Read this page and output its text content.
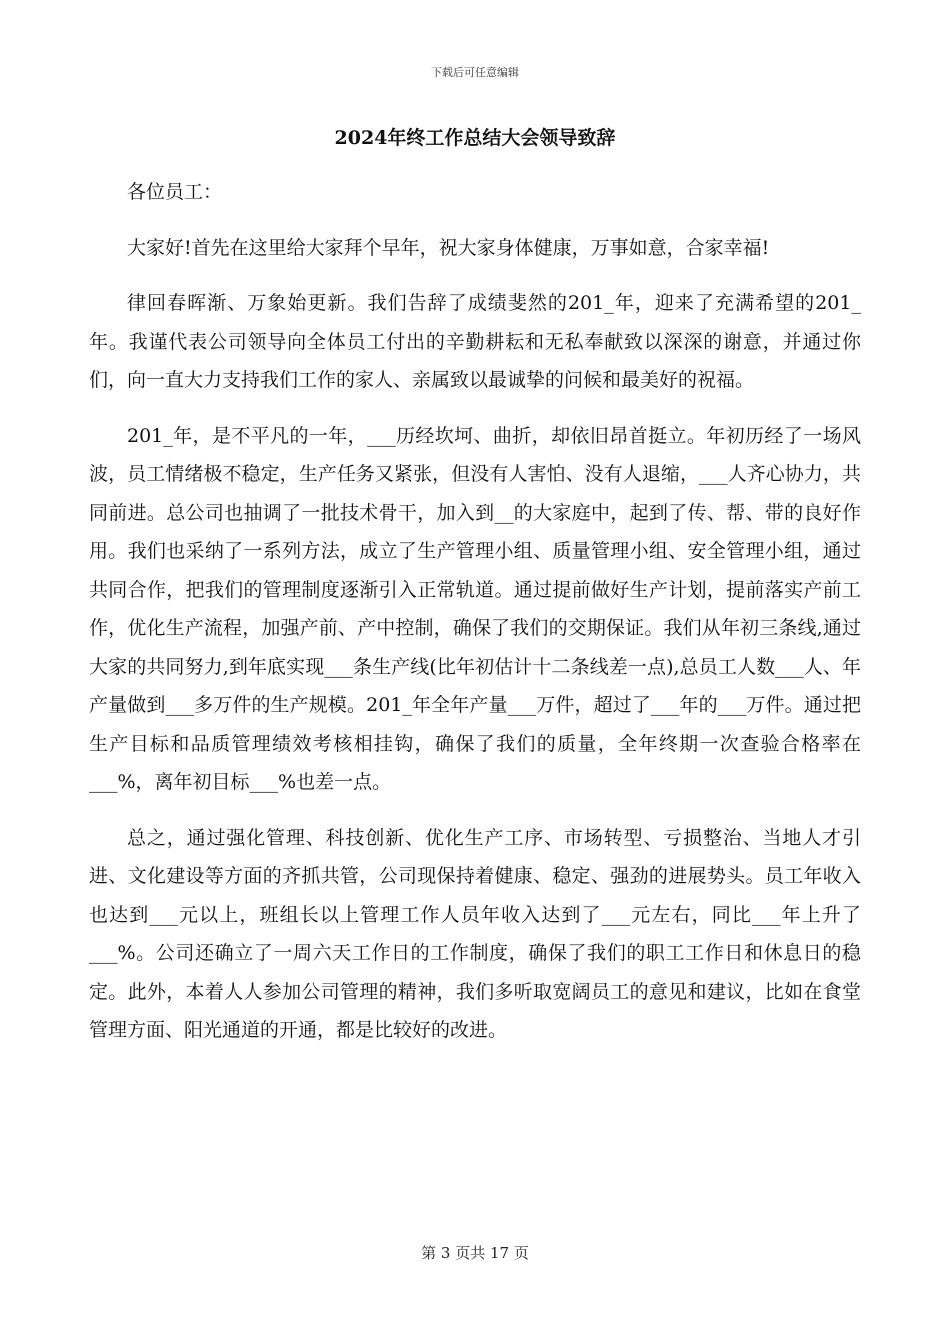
下载后可任意编辑
2024年终工作总结大会领导致辞

各位员工：

大家好!首先在这里给大家拜个早年，祝大家身体健康，万事如意，合家幸福!

律回春晖渐、万象始更新。我们告辞了成绩斐然的201_年，迎来了充满希望的201_年。我谨代表公司领导向全体员工付出的辛勤耕耘和无私奉献致以深深的谢意，并通过你们，向一直大力支持我们工作的家人、亲属致以最诚挚的问候和最美好的祝福。

201_年，是不平凡的一年，___历经坎坷、曲折，却依旧昂首挺立。年初历经了一场风波，员工情绪极不稳定，生产任务又紧张，但没有人害怕、没有人退缩，___人齐心协力，共同前进。总公司也抽调了一批技术骨干，加入到__的大家庭中，起到了传、帮、带的良好作用。我们也采纳了一系列方法，成立了生产管理小组、质量管理小组、安全管理小组，通过共同合作，把我们的管理制度逐渐引入正常轨道。通过提前做好生产计划，提前落实产前工作，优化生产流程，加强产前、产中控制，确保了我们的交期保证。我们从年初三条线,通过大家的共同努力,到年底实现___条生产线(比年初估计十二条线差一点),总员工人数___人、年产量做到___多万件的生产规模。201_年全年产量___万件，超过了___年的___万件。通过把生产目标和品质管理绩效考核相挂钩，确保了我们的质量，全年终期一次查验合格率在___%，离年初目标___%也差一点。

总之，通过强化管理、科技创新、优化生产工序、市场转型、亏损整治、当地人才引进、文化建设等方面的齐抓共管，公司现保持着健康、稳定、强劲的进展势头。员工年收入也达到___元以上，班组长以上管理工作人员年收入达到了___元左右，同比___年上升了___%。公司还确立了一周六天工作日的工作制度，确保了我们的职工工作日和休息日的稳定。此外，本着人人参加公司管理的精神，我们多听取宽阔员工的意见和建议，比如在食堂管理方面、阳光通道的开通，都是比较好的改进。

第 3 页共 17 页
